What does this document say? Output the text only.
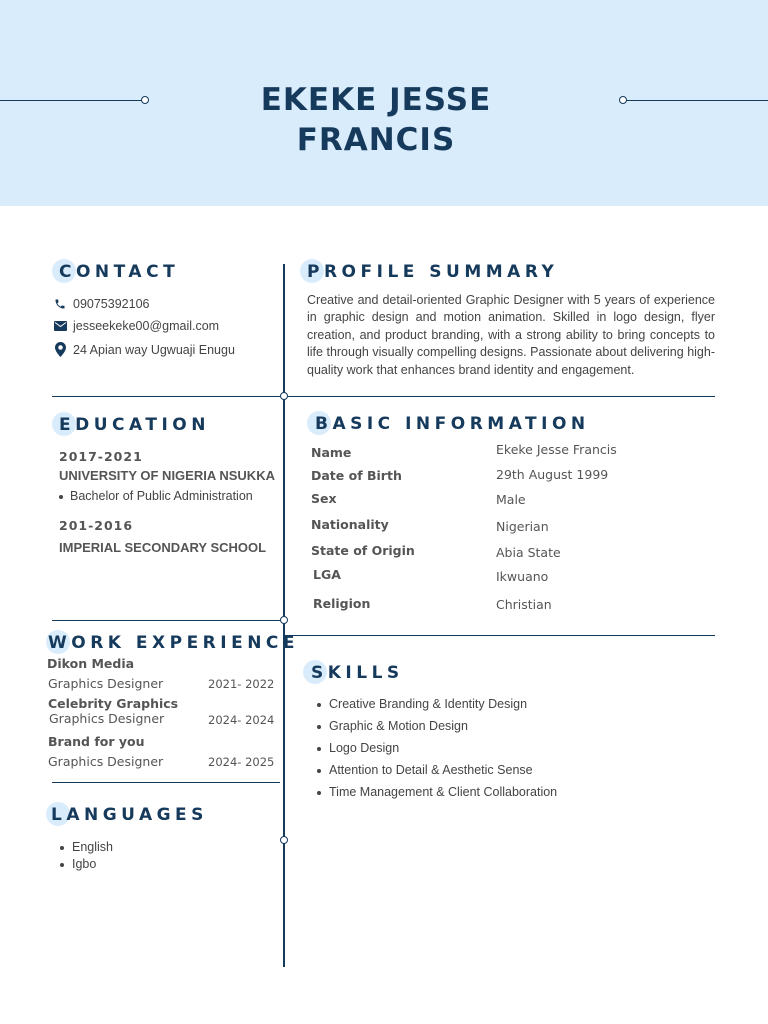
EKEKE JESSE FRANCIS
CONTACT
09075392106
jesseekeke00@gmail.com
24 Apian way Ugwuaji Enugu
PROFILE SUMMARY
Creative and detail-oriented Graphic Designer with 5 years of experience in graphic design and motion animation. Skilled in logo design, flyer creation, and product branding, with a strong ability to bring concepts to life through visually compelling designs. Passionate about delivering high-quality work that enhances brand identity and engagement.
EDUCATION
2017-2021
UNIVERSITY OF NIGERIA NSUKKA
Bachelor of Public Administration
201-2016
IMPERIAL SECONDARY SCHOOL
BASIC INFORMATION
Name	Ekeke Jesse Francis
Date of Birth	29th August 1999
Sex	Male
Nationality	Nigerian
State of Origin	Abia State
LGA	Ikwuano
Religion	Christian
WORK EXPERIENCE
Dikon Media
Graphics Designer	2021- 2022
Celebrity Graphics
Graphics Designer	2024- 2024
Brand for you
Graphics Designer	2024- 2025
SKILLS
Creative Branding & Identity Design
Graphic & Motion Design
Logo Design
Attention to Detail & Aesthetic Sense
Time Management & Client Collaboration
LANGUAGES
English
Igbo
